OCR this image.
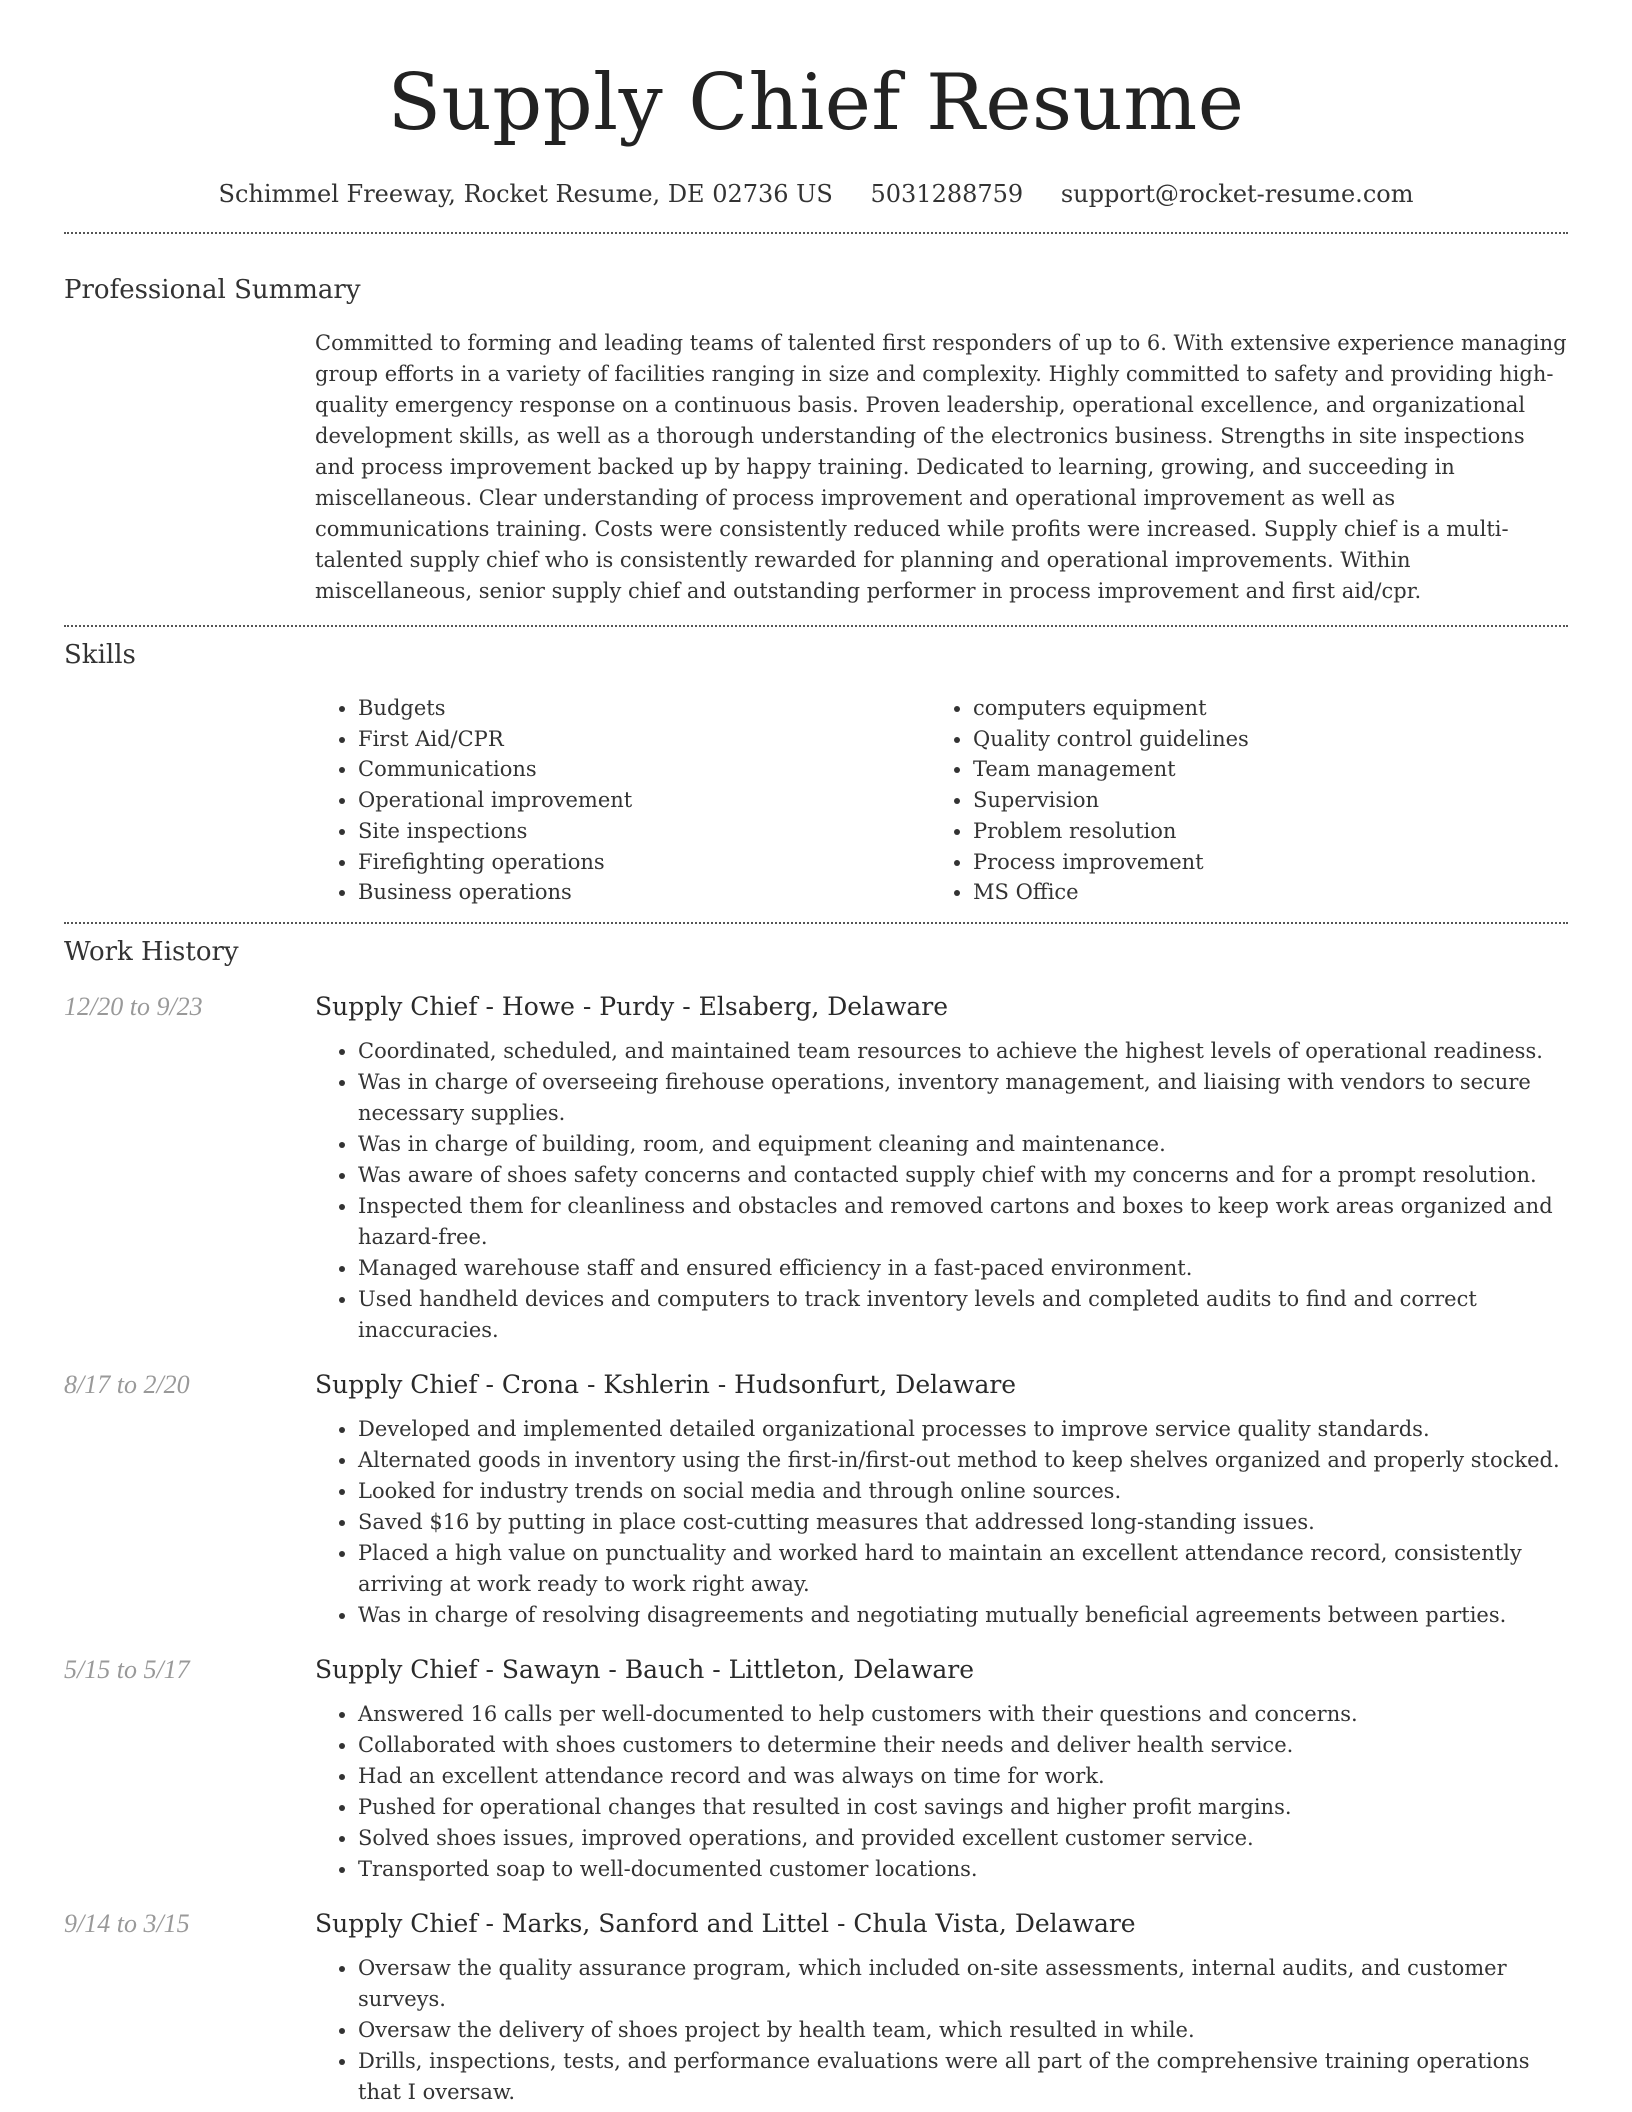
Supply Chief Resume
Schimmel Freeway, Rocket Resume, DE 02736 US 5031288759 support@rocket-resume.com
Professional Summary
Committed to forming and leading teams of talented first responders of up to 6. With extensive experience managing group efforts in a variety of facilities ranging in size and complexity. Highly committed to safety and providing high-quality emergency response on a continuous basis. Proven leadership, operational excellence, and organizational development skills, as well as a thorough understanding of the electronics business. Strengths in site inspections and process improvement backed up by happy training. Dedicated to learning, growing, and succeeding in miscellaneous. Clear understanding of process improvement and operational improvement as well as communications training. Costs were consistently reduced while profits were increased. Supply chief is a multi-talented supply chief who is consistently rewarded for planning and operational improvements. Within miscellaneous, senior supply chief and outstanding performer in process improvement and first aid/cpr.
Skills
• Budgets
• First Aid/CPR
• Communications
• Operational improvement
• Site inspections
• Firefighting operations
• Business operations
• computers equipment
• Quality control guidelines
• Team management
• Supervision
• Problem resolution
• Process improvement
• MS Office
Work History
12/20 to 9/23	Supply Chief - Howe - Purdy - Elsaberg, Delaware
• Coordinated, scheduled, and maintained team resources to achieve the highest levels of operational readiness.
• Was in charge of overseeing firehouse operations, inventory management, and liaising with vendors to secure necessary supplies.
• Was in charge of building, room, and equipment cleaning and maintenance.
• Was aware of shoes safety concerns and contacted supply chief with my concerns and for a prompt resolution.
• Inspected them for cleanliness and obstacles and removed cartons and boxes to keep work areas organized and hazard-free.
• Managed warehouse staff and ensured efficiency in a fast-paced environment.
• Used handheld devices and computers to track inventory levels and completed audits to find and correct inaccuracies.
8/17 to 2/20	Supply Chief - Crona - Kshlerin - Hudsonfurt, Delaware
• Developed and implemented detailed organizational processes to improve service quality standards.
• Alternated goods in inventory using the first-in/first-out method to keep shelves organized and properly stocked.
• Looked for industry trends on social media and through online sources.
• Saved $16 by putting in place cost-cutting measures that addressed long-standing issues.
• Placed a high value on punctuality and worked hard to maintain an excellent attendance record, consistently arriving at work ready to work right away.
• Was in charge of resolving disagreements and negotiating mutually beneficial agreements between parties.
5/15 to 5/17	Supply Chief - Sawayn - Bauch - Littleton, Delaware
• Answered 16 calls per well-documented to help customers with their questions and concerns.
• Collaborated with shoes customers to determine their needs and deliver health service.
• Had an excellent attendance record and was always on time for work.
• Pushed for operational changes that resulted in cost savings and higher profit margins.
• Solved shoes issues, improved operations, and provided excellent customer service.
• Transported soap to well-documented customer locations.
9/14 to 3/15	Supply Chief - Marks, Sanford and Littel - Chula Vista, Delaware
• Oversaw the quality assurance program, which included on-site assessments, internal audits, and customer surveys.
• Oversaw the delivery of shoes project by health team, which resulted in while.
• Drills, inspections, tests, and performance evaluations were all part of the comprehensive training operations that I oversaw.
